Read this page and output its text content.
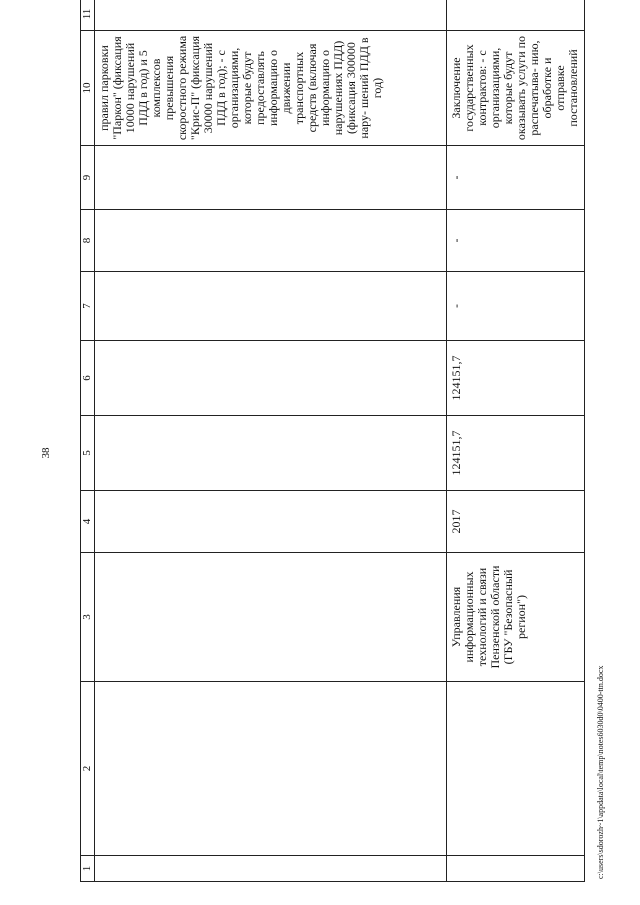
38
1	2	3	4	5	6	7	8	9	10	11
									правил парковки "Паркон" (фиксация 10000 нарушений ПДД в год) и 5 комплексов превышения скоростного режима "Крис-П" (фиксация 30000 нарушений ПДД в год); - с организациями, которые будут предоставлять информацию о движении транспортных средств (включая информацию о нарушениях ПДД) (фиксация 300000 нару- шений ПДД в год)	
		Управления информационных технологий и связи Пензенской области (ГБУ "Безопасный регион")	2017	124151,7	124151,7	-	-	-	Заключение государственных контрактов: - с организациями, которые будут оказывать услуги по распечатыва- нию, обработке и отправке постановлений	
c:\users\sdorozh~1\appdata\local\temp\notes6030d0\0400-ttn.docx
